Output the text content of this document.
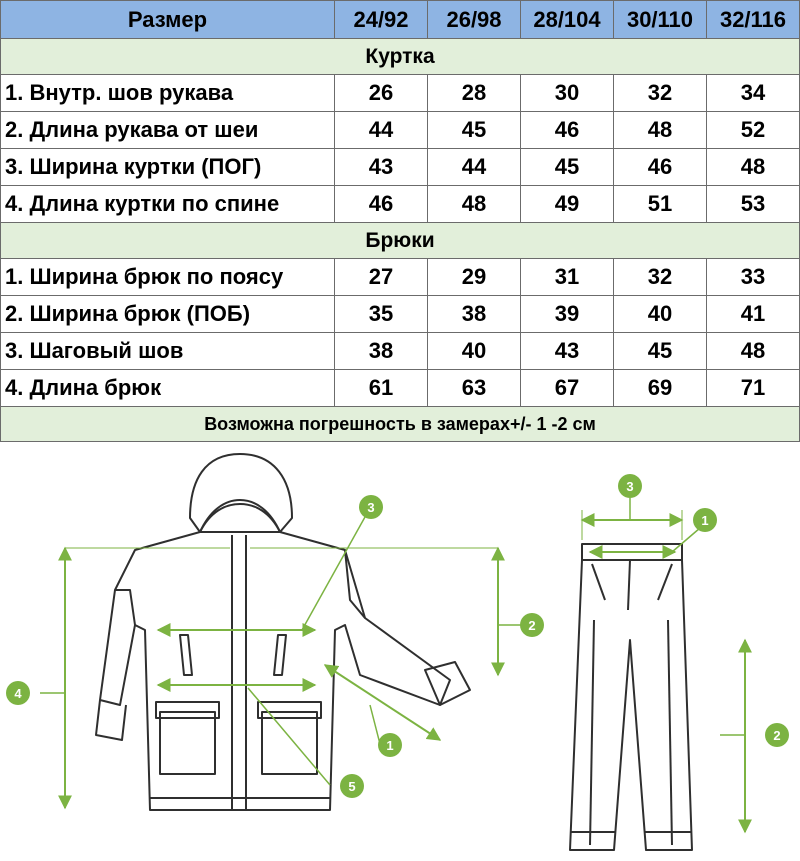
Размер	24/92	26/98	28/104	30/110	32/116
Куртка					
1. Внутр. шов рукава	26	28	30	32	34
2. Длина рукава от шеи	44	45	46	48	52
3. Ширина куртки (ПОГ)	43	44	45	46	48
4. Длина куртки по спине	46	48	49	51	53
Брюки					
1. Ширина брюк по поясу	27	29	31	32	33
2. Ширина брюк (ПОБ)	35	38	39	40	41
3. Шаговый шов	38	40	43	45	48
4. Длина брюк	61	63	67	69	71
Возможна погрешность в замерах+/- 1 -2 см					
3
2
4
1
5
3
1
2
